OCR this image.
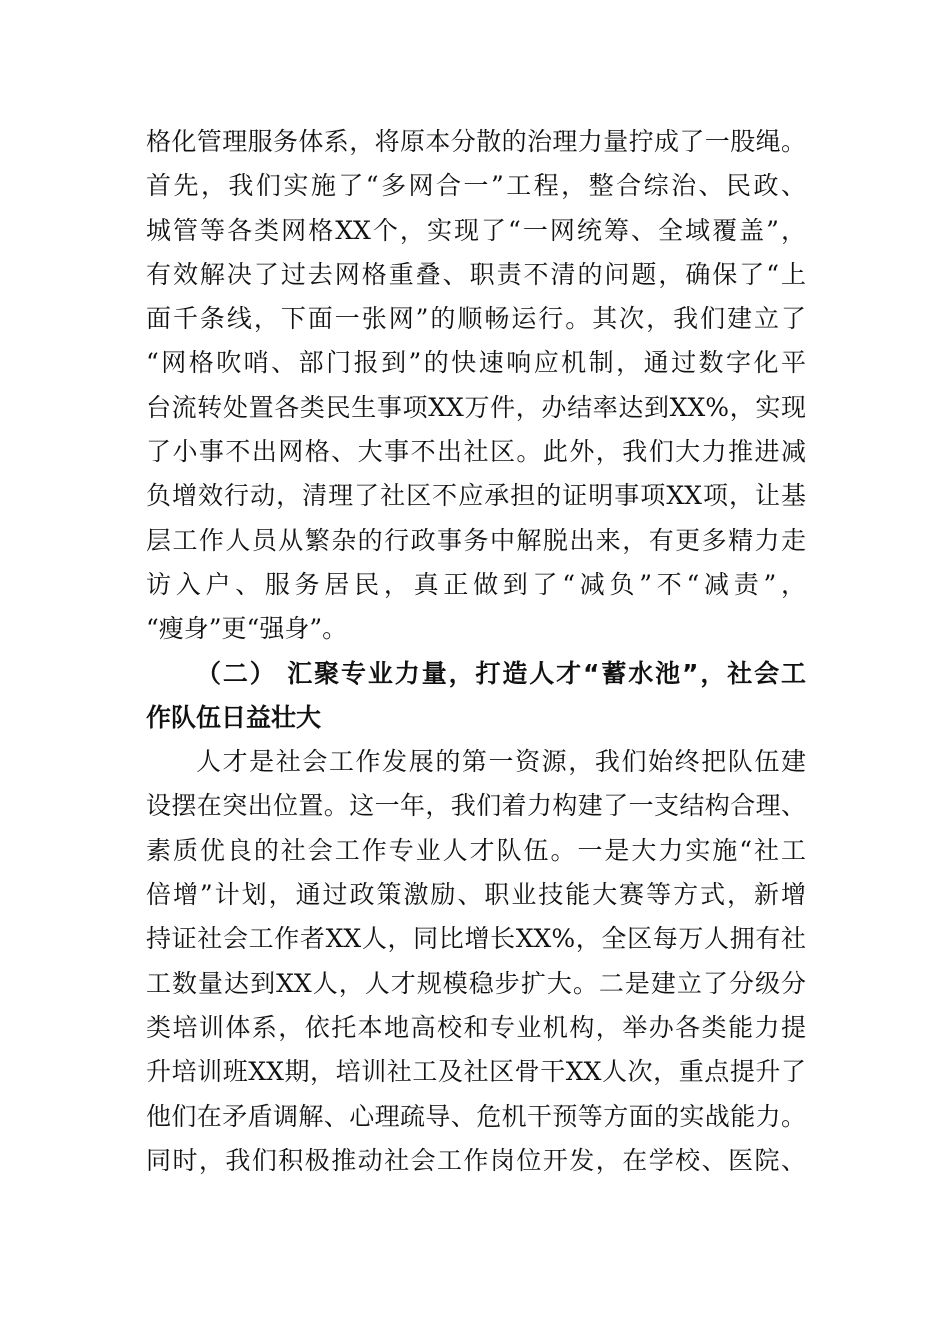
格化管理服务体系，将原本分散的治理力量拧成了一股绳。
首先，我们实施了“多网合一”工程，整合综治、民政、
城管等各类网格XX个，实现了“一网统筹、全域覆盖”，
有效解决了过去网格重叠、职责不清的问题，确保了“上
面千条线，下面一张网”的顺畅运行。其次，我们建立了
“网格吹哨、部门报到”的快速响应机制，通过数字化平
台流转处置各类民生事项XX万件，办结率达到XX%，实现
了小事不出网格、大事不出社区。此外，我们大力推进减
负增效行动，清理了社区不应承担的证明事项XX项，让基
层工作人员从繁杂的行政事务中解脱出来，有更多精力走
访入户、服务居民，真正做到了“减负”不“减责”，
“瘦身”更“强身”。
（二） 汇聚专业力量，打造人才“蓄水池”，社会工
作队伍日益壮大
人才是社会工作发展的第一资源，我们始终把队伍建
设摆在突出位置。这一年，我们着力构建了一支结构合理、
素质优良的社会工作专业人才队伍。一是大力实施“社工
倍增”计划，通过政策激励、职业技能大赛等方式，新增
持证社会工作者XX人，同比增长XX%，全区每万人拥有社
工数量达到XX人，人才规模稳步扩大。二是建立了分级分
类培训体系，依托本地高校和专业机构，举办各类能力提
升培训班XX期，培训社工及社区骨干XX人次，重点提升了
他们在矛盾调解、心理疏导、危机干预等方面的实战能力。
同时，我们积极推动社会工作岗位开发，在学校、医院、
